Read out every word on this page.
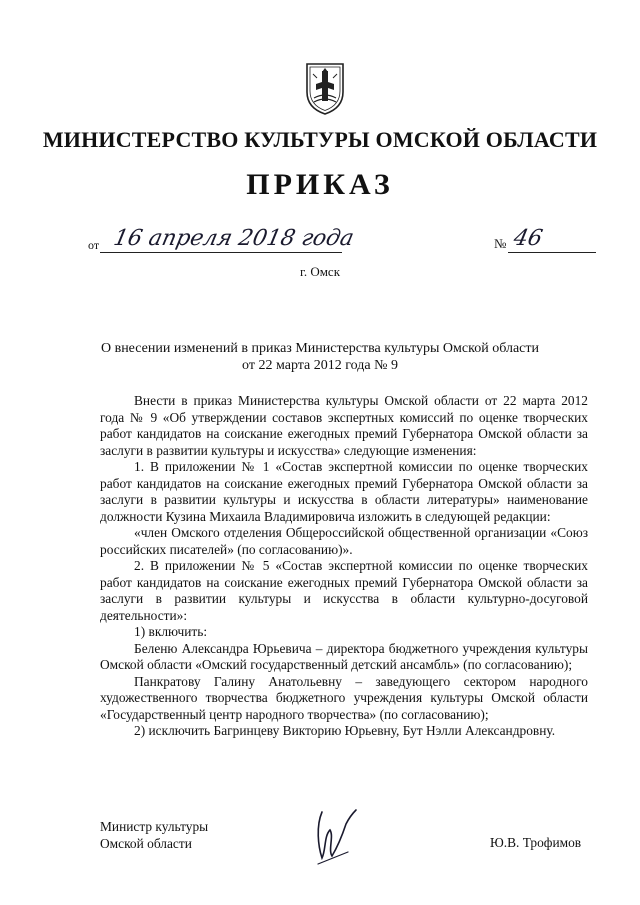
МИНИСТЕРСТВО КУЛЬТУРЫ ОМСКОЙ ОБЛАСТИ
ПРИКАЗ
от 16 апреля 2018 года	№ 46
г. Омск
О внесении изменений в приказ Министерства культуры Омской области
от 22 марта 2012 года № 9

Внести в приказ Министерства культуры Омской области от 22 марта 2012 года № 9 «Об утверждении составов экспертных комиссий по оценке творческих работ кандидатов на соискание ежегодных премий Губернатора Омской области за заслуги в развитии культуры и искусства» следующие изменения:

1. В приложении № 1 «Состав экспертной комиссии по оценке творческих работ кандидатов на соискание ежегодных премий Губернатора Омской области за заслуги в развитии культуры и искусства в области литературы» наименование должности Кузина Михаила Владимировича изложить в следующей редакции:

«член Омского отделения Общероссийской общественной организации «Союз российских писателей» (по согласованию)».

2. В приложении № 5 «Состав экспертной комиссии по оценке творческих работ кандидатов на соискание ежегодных премий Губернатора Омской области за заслуги в развитии культуры и искусства в области культурно-досуговой деятельности»:

1) включить:

Беленю Александра Юрьевича – директора бюджетного учреждения культуры Омской области «Омский государственный детский ансамбль» (по согласованию);

Панкратову Галину Анатольевну – заведующего сектором народного художественного творчества бюджетного учреждения культуры Омской области «Государственный центр народного творчества» (по согласованию);

2) исключить Багринцеву Викторию Юрьевну, Бут Нэлли Александровну.

Министр культуры
Омской области	Ю.В. Трофимов
